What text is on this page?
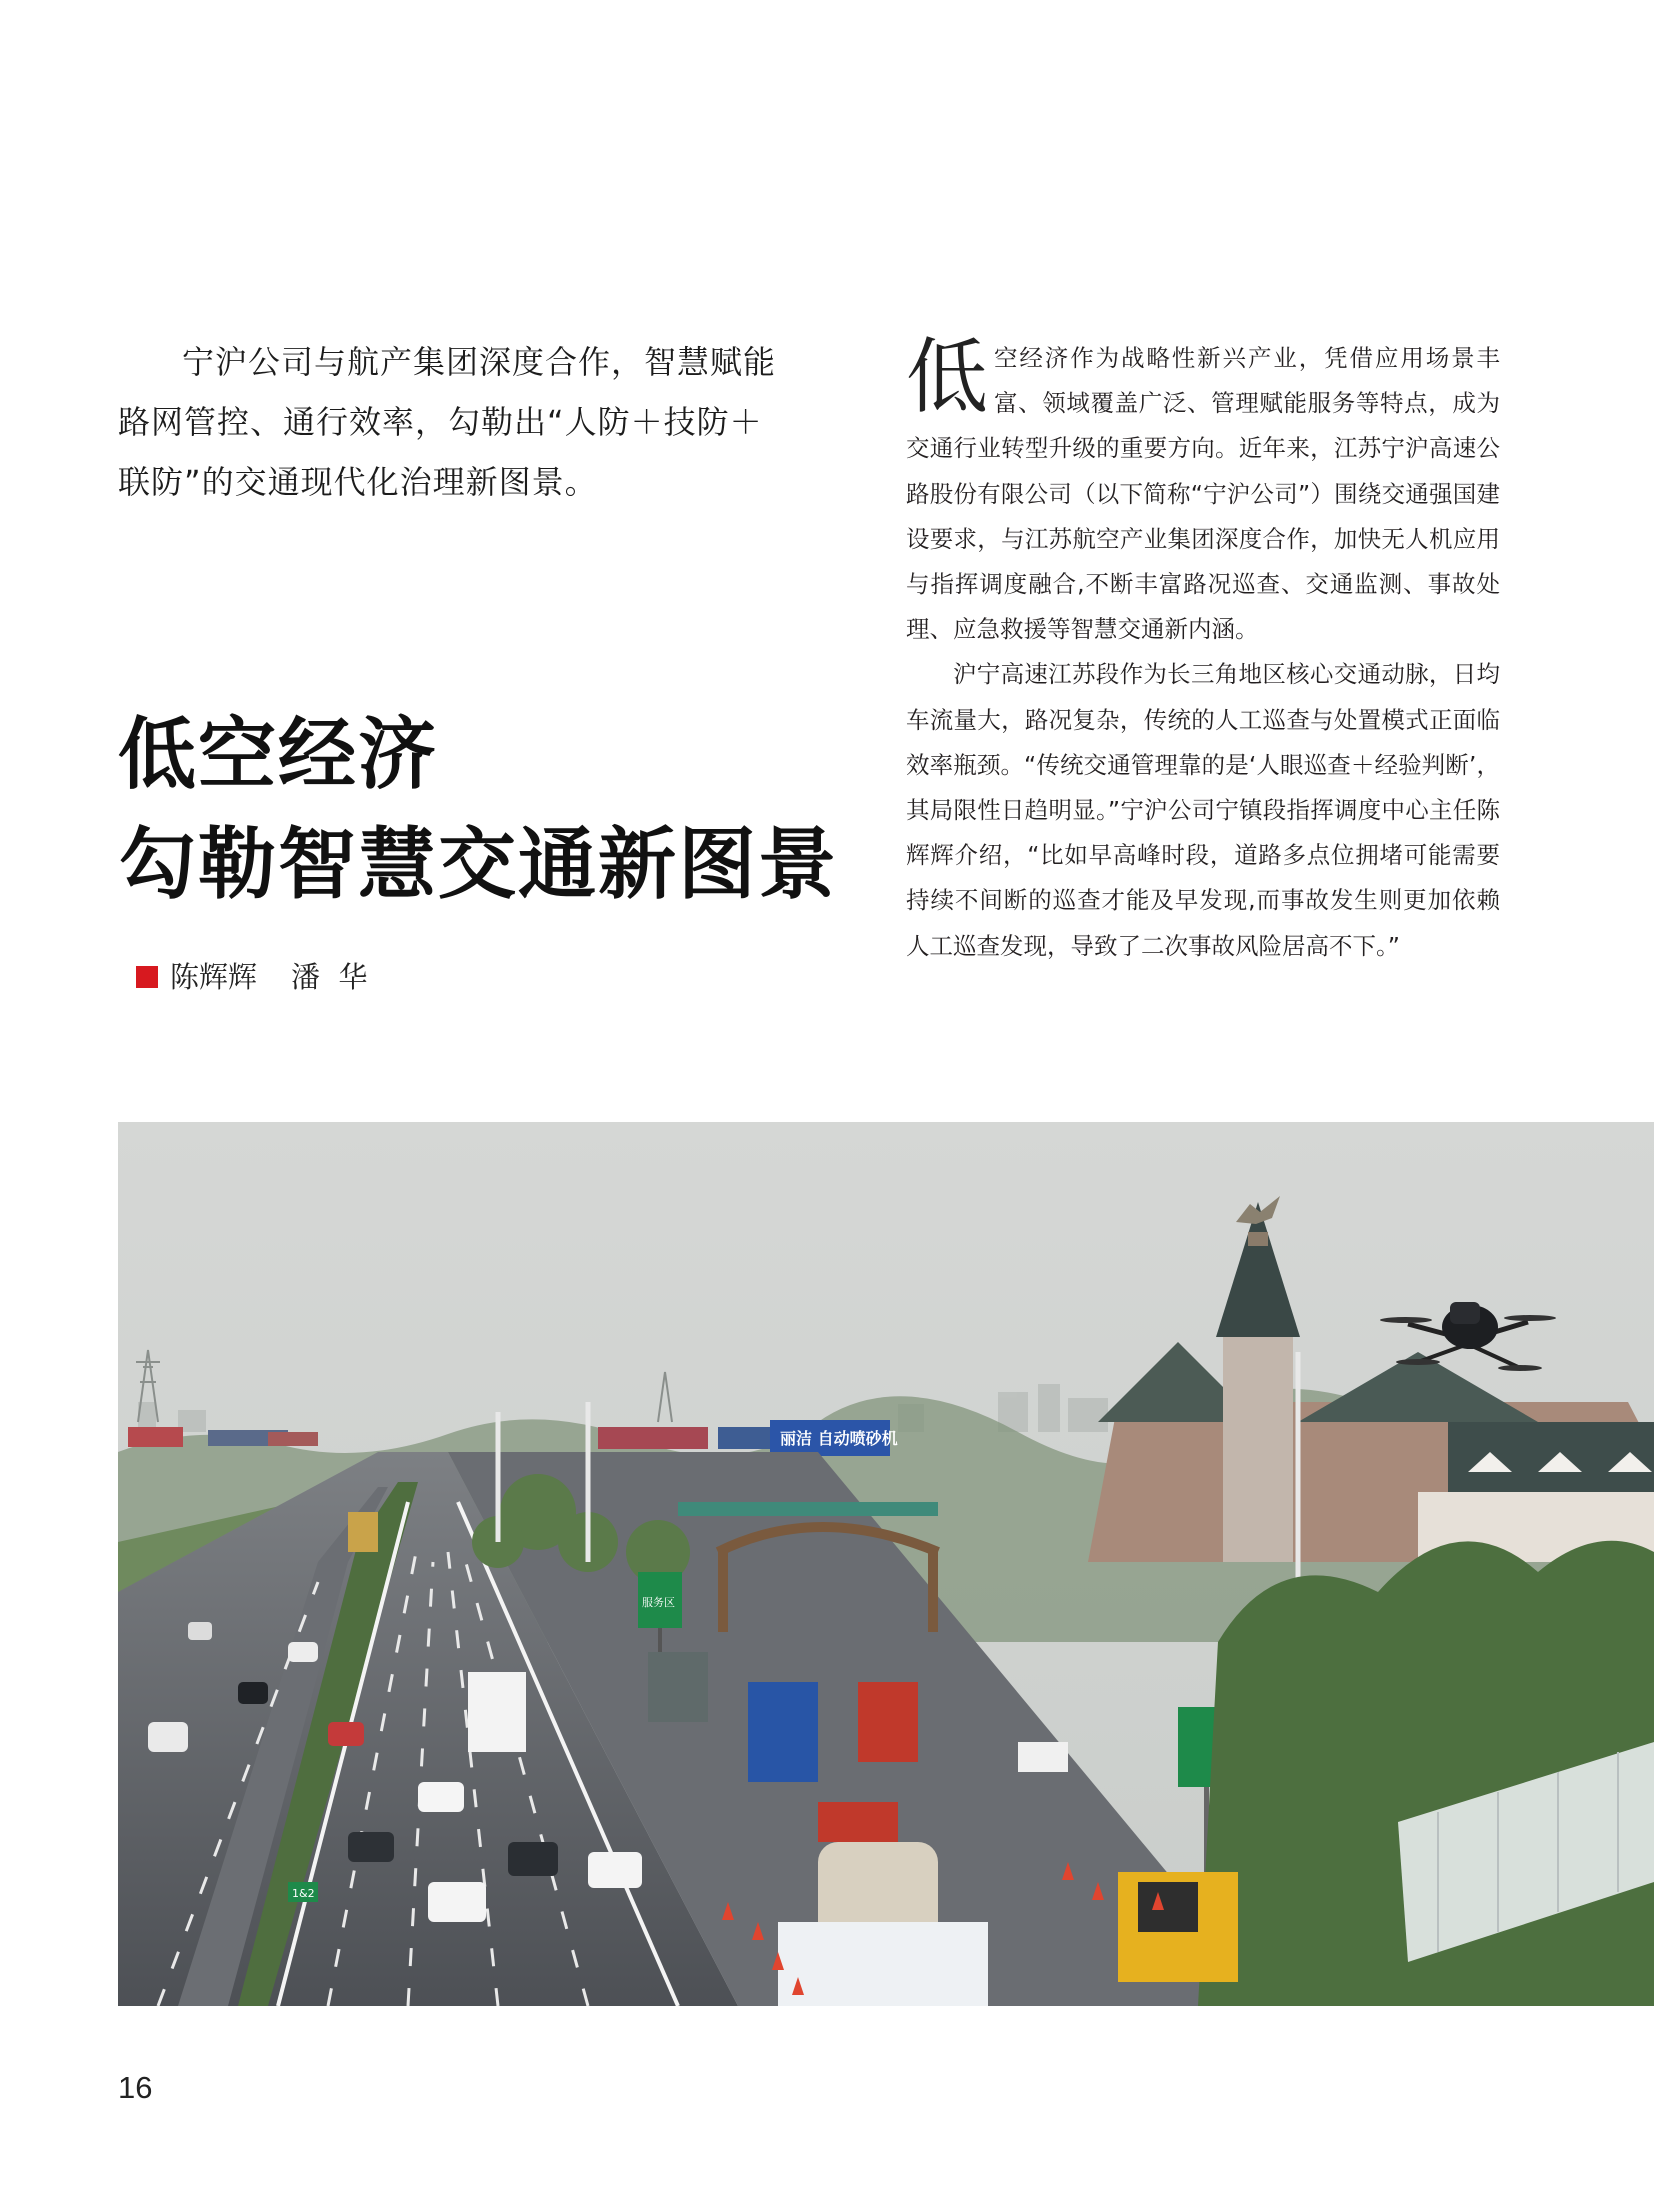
宁沪公司与航产集团深度合作，智慧赋能路网管控、通行效率，勾勒出“人防＋技防＋联防”的交通现代化治理新图景。

低空经济
勾勒智慧交通新图景
陈辉辉 潘  华

低空经济作为战略性新兴产业，凭借应用场景丰富、领域覆盖广泛、管理赋能服务等特点，成为交通行业转型升级的重要方向。近年来，江苏宁沪高速公路股份有限公司（以下简称“宁沪公司”）围绕交通强国建设要求，与江苏航空产业集团深度合作，加快无人机应用与指挥调度融合,不断丰富路况巡查、交通监测、事故处理、应急救援等智慧交通新内涵。

沪宁高速江苏段作为长三角地区核心交通动脉，日均车流量大，路况复杂，传统的人工巡查与处置模式正面临效率瓶颈。“传统交通管理靠的是‘人眼巡查＋经验判断’，其局限性日趋明显。”宁沪公司宁镇段指挥调度中心主任陈辉辉介绍，“比如早高峰时段，道路多点位拥堵可能需要持续不间断的巡查才能及早发现,而事故发生则更加依赖人工巡查发现，导致了二次事故风险居高不下。”

丽洁 自动喷砂机
服务区
1&2
16
